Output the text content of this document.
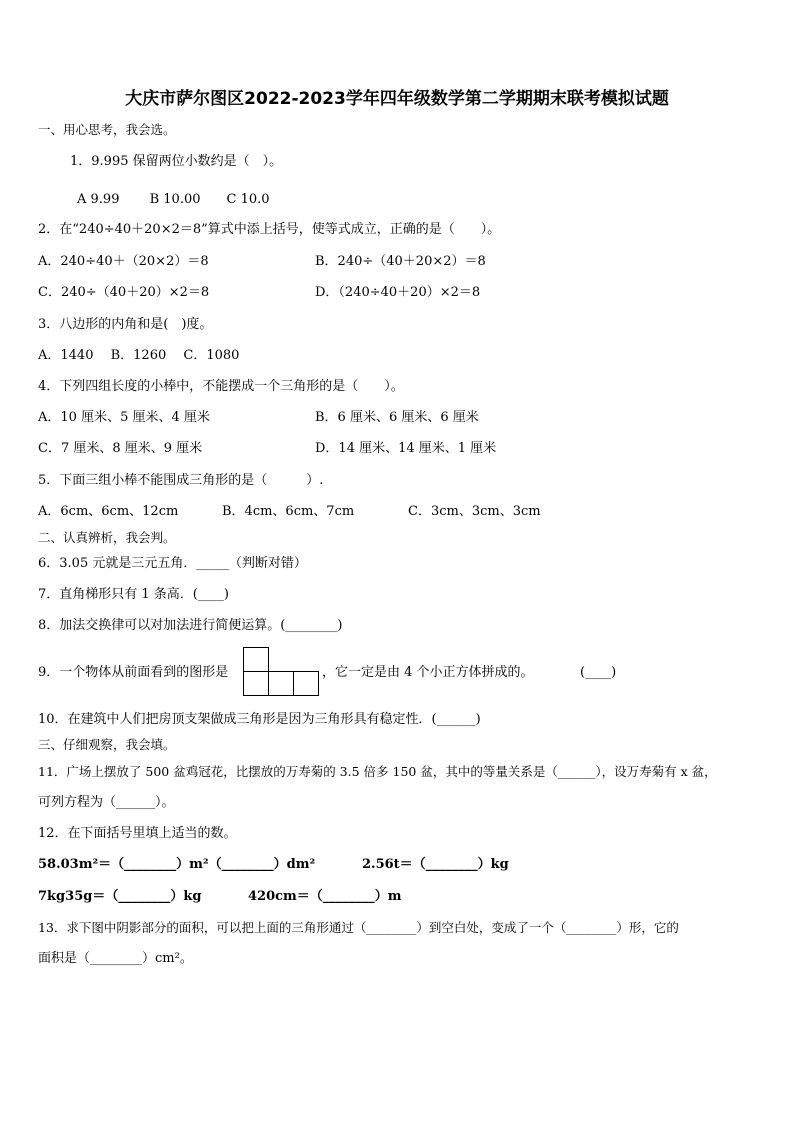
大庆市萨尔图区2022-2023学年四年级数学第二学期期末联考模拟试题
一、用心思考，我会选。
1．9.995 保留两位小数约是（　）。
A 9.99　　 B 10.00　　C 10.0
2．在“240÷40＋20×2＝8”算式中添上括号，使等式成立，正确的是（　　）。
A．240÷40＋（20×2）＝8	B．240÷（40＋20×2）＝8
C．240÷（40＋20）×2＝8	D．（240÷40＋20）×2＝8
3．八边形的内角和是(　)度。
A．1440　 B．1260　 C．1080
4．下列四组长度的小棒中，不能摆成一个三角形的是（　　）。
A．10 厘米、5 厘米、4 厘米	B．6 厘米、6 厘米、6 厘米
C．7 厘米、8 厘米、9 厘米	D．14 厘米、14 厘米、1 厘米
5．下面三组小棒不能围成三角形的是（　　　）.
A．6cm、6cm、12cm	B．4cm、6cm、7cm	C．3cm、3cm、3cm
二、认真辨析，我会判。
6．3.05 元就是三元五角．_____（判断对错）
7．直角梯形只有 1 条高．(____)
8．加法交换律可以对加法进行简便运算。(________)
9．一个物体从前面看到的图形是	，它一定是由 4 个小正方体拼成的。	(____)
10．在建筑中人们把房顶支架做成三角形是因为三角形具有稳定性．(______)
三、仔细观察，我会填。
11．广场上摆放了 500 盆鸡冠花，比摆放的万寿菊的 3.5 倍多 150 盆，其中的等量关系是（______），设万寿菊有 x 盆，
可列方程为（______）。
12．在下面括号里填上适当的数。
58.03m²＝（________）m²（________）dm²	2.56t＝（________）kg
7kg35g＝（________）kg	420cm＝（________）m
13．求下图中阴影部分的面积，可以把上面的三角形通过（________）到空白处，变成了一个（________）形，它的
面积是（________）cm²。
